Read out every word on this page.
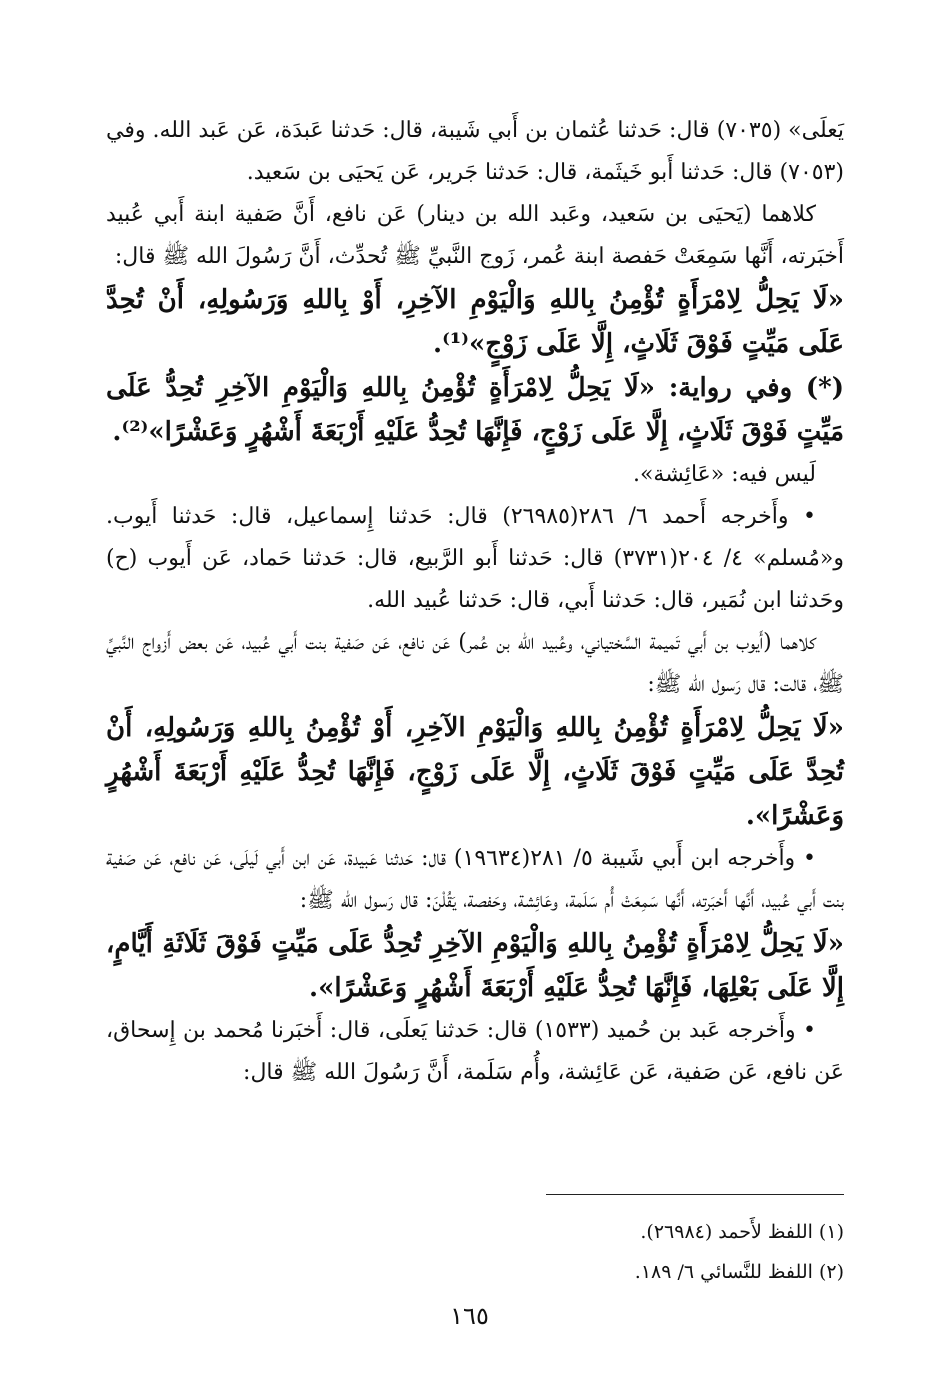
يَعلَى» (٧٠٣٥) قال: حَدثنا عُثمان بن أَبي شَيبة، قال: حَدثنا عَبدَة، عَن عَبد الله. وفي (٧٠٥٣) قال: حَدثنا أَبو خَيثَمة، قال: حَدثنا جَرير، عَن يَحيَى بن سَعيد.

كلاهما (يَحيَى بن سَعيد، وعَبد الله بن دينار) عَن نافع، أَنَّ صَفية ابنة أَبي عُبيد أَخبَرته، أَنَّها سَمِعَتْ حَفصة ابنة عُمر، زَوج النَّبيِّ ﷺ تُحدِّث، أَنَّ رَسُولَ الله ﷺ قال:

«لَا يَحِلُّ لِامْرَأَةٍ تُؤْمِنُ بِاللهِ وَالْيَوْمِ الآخِرِ، أَوْ بِاللهِ وَرَسُولِهِ، أَنْ تُحِدَّ عَلَى مَيِّتٍ فَوْقَ ثَلَاثٍ، إِلَّا عَلَى زَوْجٍ»⁽¹⁾.

(*) وفي رواية: «لَا يَحِلُّ لِامْرَأَةٍ تُؤْمِنُ بِاللهِ وَالْيَوْمِ الآخِرِ تُحِدُّ عَلَى مَيِّتٍ فَوْقَ ثَلَاثٍ، إِلَّا عَلَى زَوْجٍ، فَإِنَّهَا تُحِدُّ عَلَيْهِ أَرْبَعَةَ أَشْهُرٍ وَعَشْرًا»⁽²⁾.

لَيس فيه: «عَائِشة».

• وأَخرجه أَحمد ٦/ ٢٨٦(٢٦٩٨٥) قال: حَدثنا إِسماعيل، قال: حَدثنا أَيوب. و«مُسلم» ٤/ ٢٠٤(٣٧٣١) قال: حَدثنا أَبو الرَّبيع، قال: حَدثنا حَماد، عَن أَيوب (ح) وحَدثنا ابن نُمَير، قال: حَدثنا أَبي، قال: حَدثنا عُبيد الله.

كلاهما (أَيوب بن أَبي تَميمة السَّختياني، وعُبيد الله بن عُمر) عَن نافع، عَن صَفية بنت أَبي عُبيد، عَن بعض أَزواج النَّبيِّ ﷺ، قالت: قال رَسول الله ﷺ:

«لَا يَحِلُّ لِامْرَأَةٍ تُؤْمِنُ بِاللهِ وَالْيَوْمِ الآخِرِ، أَوْ تُؤْمِنُ بِاللهِ وَرَسُولِهِ، أَنْ تُحِدَّ عَلَى مَيِّتٍ فَوْقَ ثَلَاثٍ، إِلَّا عَلَى زَوْجٍ، فَإِنَّهَا تُحِدُّ عَلَيْهِ أَرْبَعَةَ أَشْهُرٍ وَعَشْرًا».

• وأَخرجه ابن أَبي شَيبة ٥/ ٢٨١(١٩٦٣٤) قال: حَدثنا عَبيدة، عَن ابن أَبي لَيلَى، عَن نافع، عَن صَفية بنت أَبي عُبيد، أَنَّها أَخبَرته، أَنَّها سَمِعَتْ أُم سَلَمة، وعَائِشة، وحَفصة، يَقُلْنَ: قال رَسول الله ﷺ:

«لَا يَحِلُّ لِامْرَأَةٍ تُؤْمِنُ بِاللهِ وَالْيَوْمِ الآخِرِ تُحِدُّ عَلَى مَيِّتٍ فَوْقَ ثَلَاثَةِ أَيَّامٍ، إِلَّا عَلَى بَعْلِهَا، فَإِنَّهَا تُحِدُّ عَلَيْهِ أَرْبَعَةَ أَشْهُرٍ وَعَشْرًا».

• وأَخرجه عَبد بن حُميد (١٥٣٣) قال: حَدثنا يَعلَى، قال: أَخبَرنا مُحمد بن إِسحاق، عَن نافع، عَن صَفية، عَن عَائِشة، وأُم سَلَمة، أَنَّ رَسُولَ الله ﷺ قال:

(١) اللفظ لأَحمد (٢٦٩٨٤).

(٢) اللفظ للنَّسائي ٦/ ١٨٩.

١٦٥
